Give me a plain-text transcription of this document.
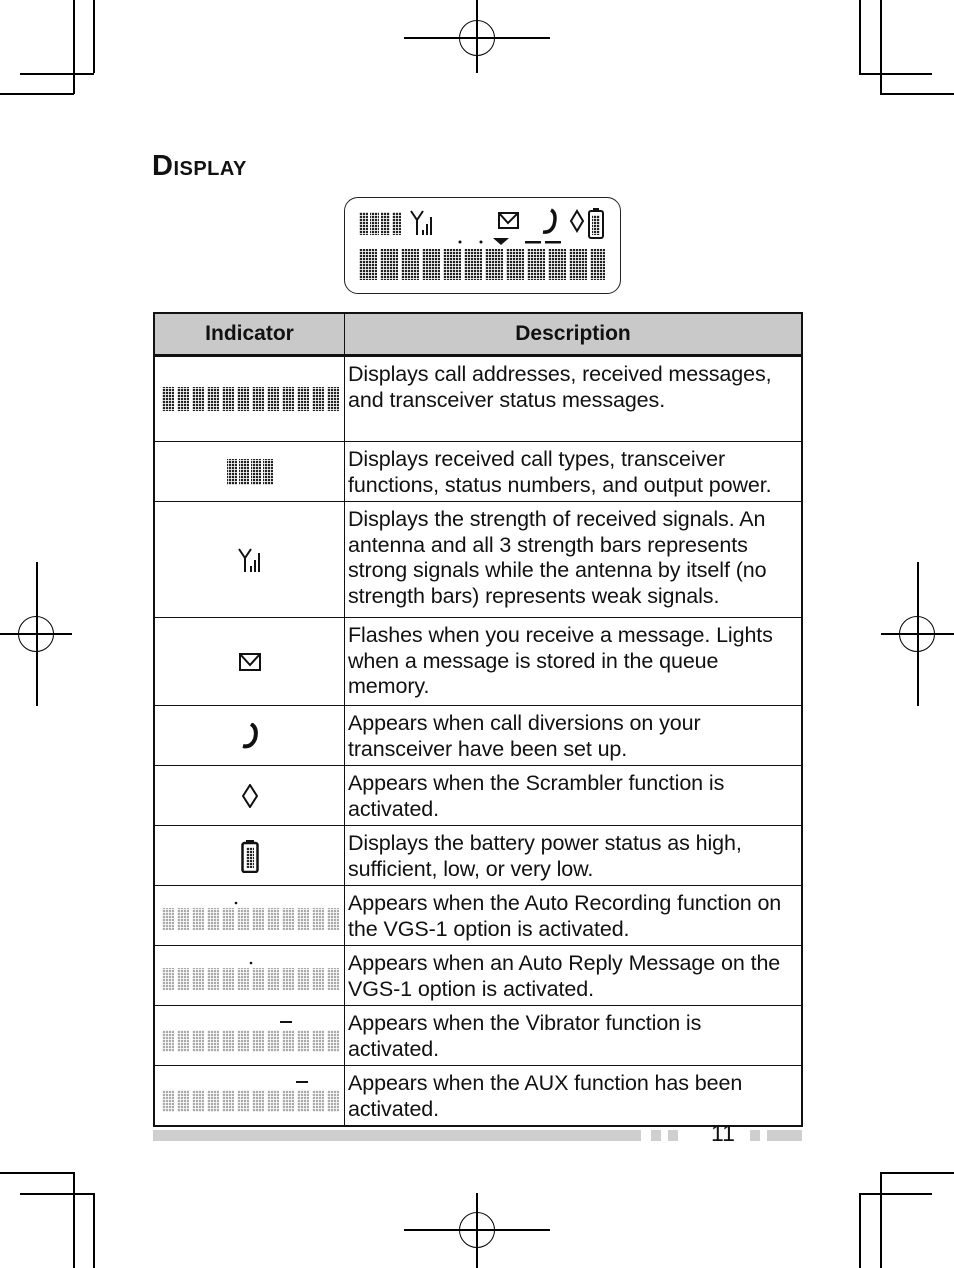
Display
Indicator	Description

	Displays call addresses, received messages, and transceiver status messages.

	Displays received call types, transceiver functions, status numbers, and output power.

	Displays the strength of received signals. An antenna and all 3 strength bars represents strong signals while the antenna by itself (no strength bars) represents weak signals.

	Flashes when you receive a message. Lights when a message is stored in the queue memory.

	Appears when call diversions on your transceiver have been set up.

	Appears when the Scrambler function is activated.

	Displays the battery power status as high, sufficient, low, or very low.

	Appears when the Auto Recording function on the VGS-1 option is activated.

	Appears when an Auto Reply Message on the VGS-1 option is activated.

	Appears when the Vibrator function is activated.

	Appears when the AUX function has been activated.
11
